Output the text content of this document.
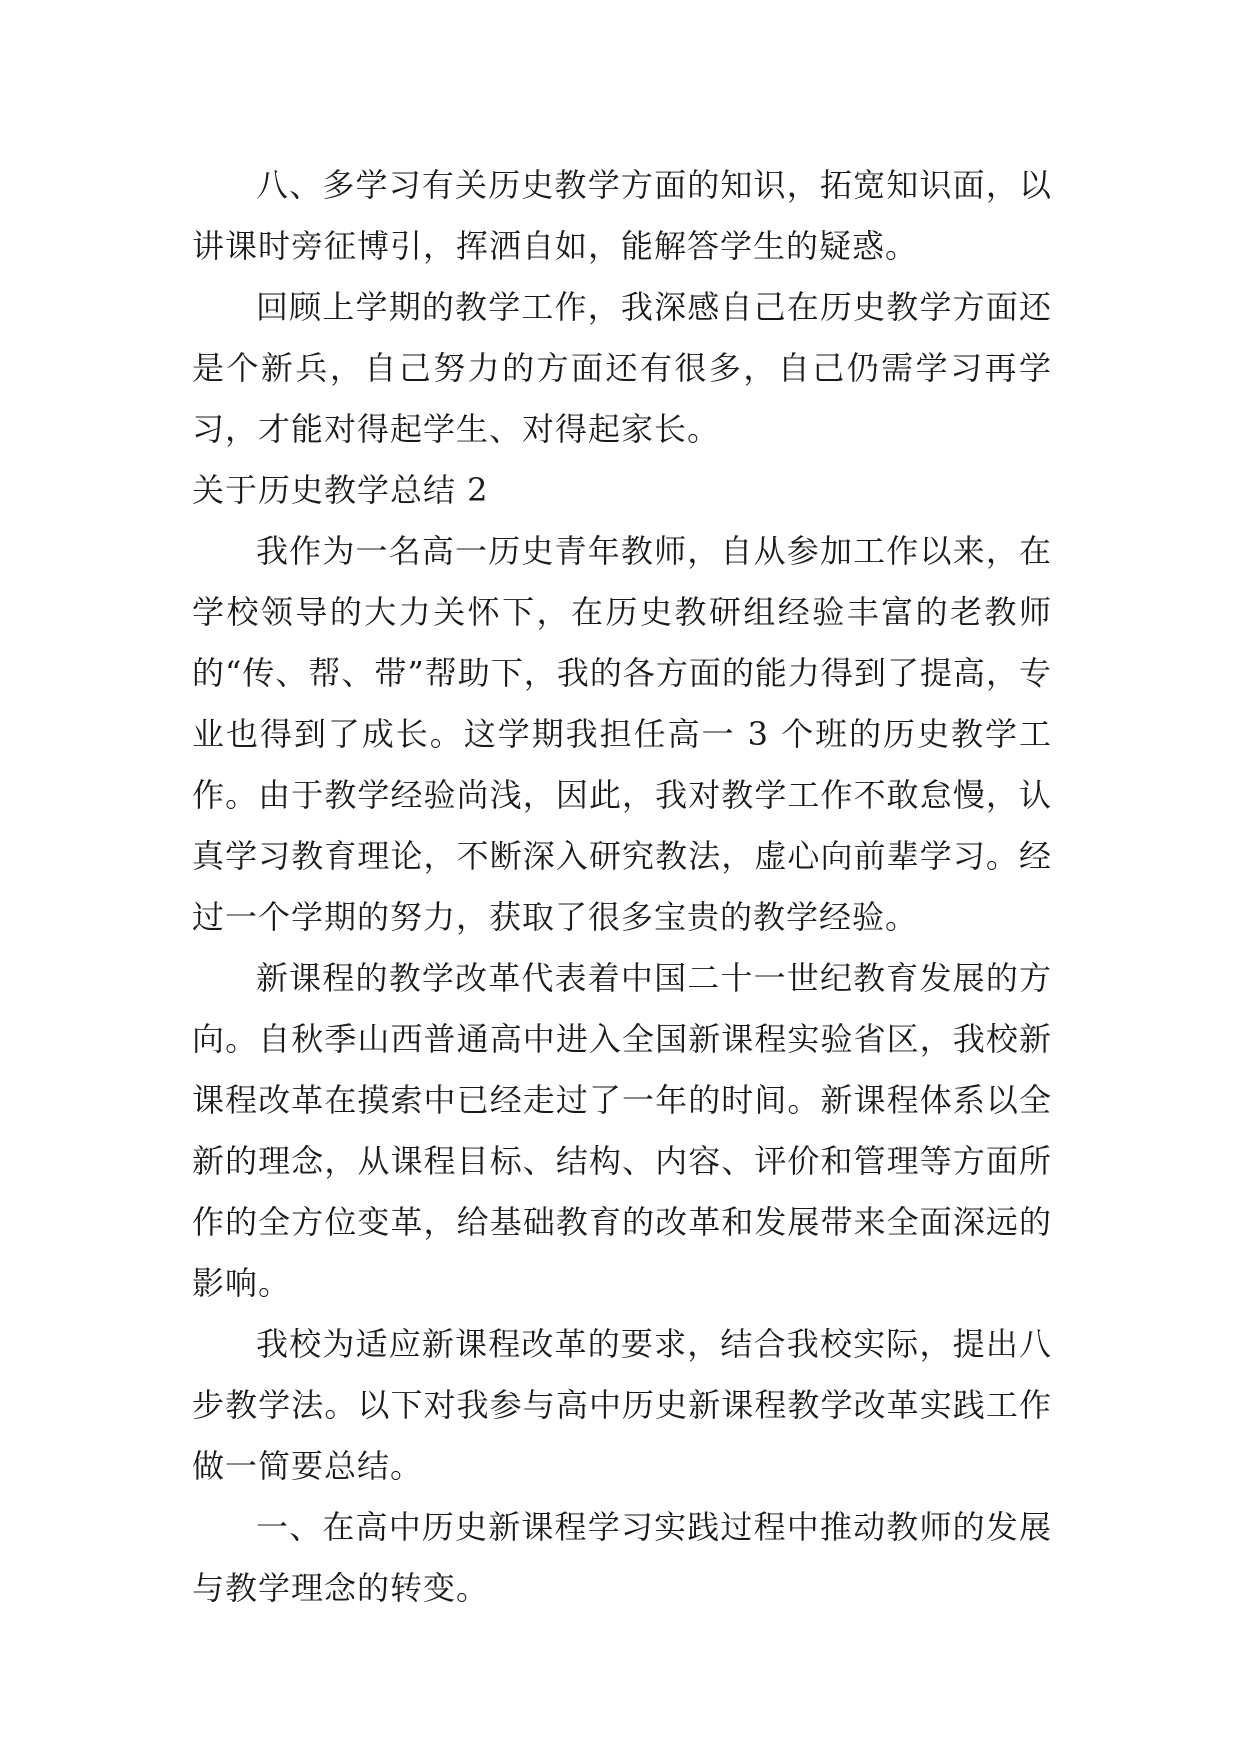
八、多学习有关历史教学方面的知识，拓宽知识面，以讲课时旁征博引，挥洒自如，能解答学生的疑惑。

回顾上学期的教学工作，我深感自己在历史教学方面还是个新兵，自己努力的方面还有很多，自己仍需学习再学习，才能对得起学生、对得起家长。

关于历史教学总结 2

我作为一名高一历史青年教师，自从参加工作以来，在学校领导的大力关怀下，在历史教研组经验丰富的老教师的“传、帮、带”帮助下，我的各方面的能力得到了提高，专业也得到了成长。这学期我担任高一 3 个班的历史教学工作。由于教学经验尚浅，因此，我对教学工作不敢怠慢，认真学习教育理论，不断深入研究教法，虚心向前辈学习。经过一个学期的努力，获取了很多宝贵的教学经验。

新课程的教学改革代表着中国二十一世纪教育发展的方向。自秋季山西普通高中进入全国新课程实验省区，我校新课程改革在摸索中已经走过了一年的时间。新课程体系以全新的理念，从课程目标、结构、内容、评价和管理等方面所作的全方位变革，给基础教育的改革和发展带来全面深远的影响。

我校为适应新课程改革的要求，结合我校实际，提出八步教学法。以下对我参与高中历史新课程教学改革实践工作做一简要总结。

一、在高中历史新课程学习实践过程中推动教师的发展与教学理念的转变。
